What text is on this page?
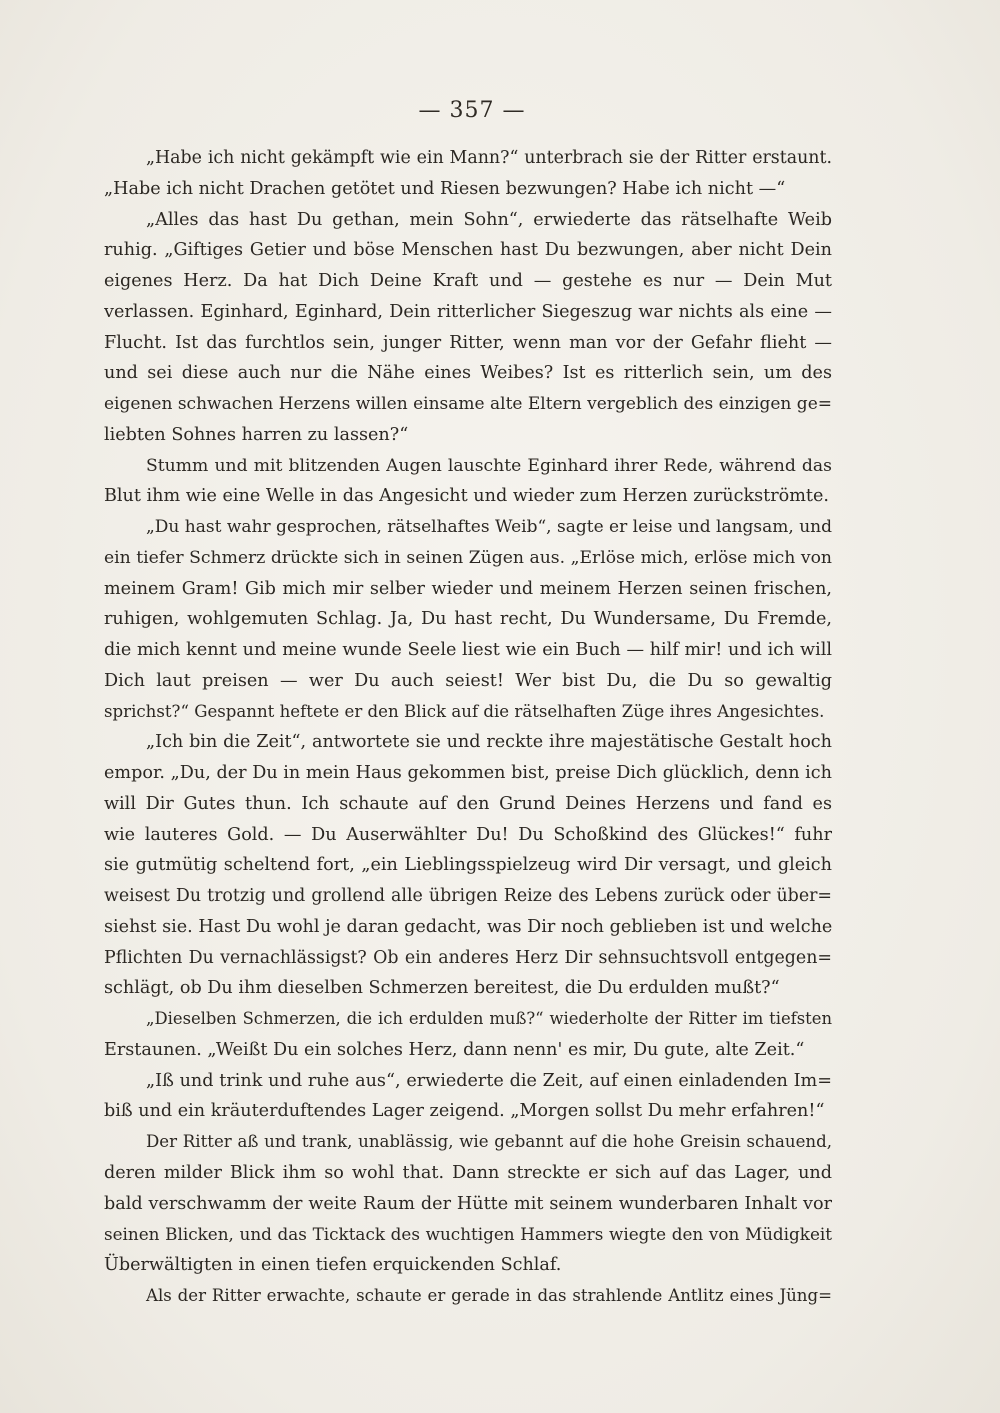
— 357 —
„Habe ich nicht gekämpft wie ein Mann?“ unterbrach sie der Ritter erstaunt.
„Habe ich nicht Drachen getötet und Riesen bezwungen? Habe ich nicht —“
„Alles das hast Du gethan, mein Sohn“, erwiederte das rätselhafte Weib
ruhig. „Giftiges Getier und böse Menschen hast Du bezwungen, aber nicht Dein
eigenes Herz. Da hat Dich Deine Kraft und — gestehe es nur — Dein Mut
verlassen. Eginhard, Eginhard, Dein ritterlicher Siegeszug war nichts als eine —
Flucht. Ist das furchtlos sein, junger Ritter, wenn man vor der Gefahr flieht —
und sei diese auch nur die Nähe eines Weibes? Ist es ritterlich sein, um des
eigenen schwachen Herzens willen einsame alte Eltern vergeblich des einzigen ge=
liebten Sohnes harren zu lassen?“
Stumm und mit blitzenden Augen lauschte Eginhard ihrer Rede, während das
Blut ihm wie eine Welle in das Angesicht und wieder zum Herzen zurückströmte.
„Du hast wahr gesprochen, rätselhaftes Weib“, sagte er leise und langsam, und
ein tiefer Schmerz drückte sich in seinen Zügen aus. „Erlöse mich, erlöse mich von
meinem Gram! Gib mich mir selber wieder und meinem Herzen seinen frischen,
ruhigen, wohlgemuten Schlag. Ja, Du hast recht, Du Wundersame, Du Fremde,
die mich kennt und meine wunde Seele liest wie ein Buch — hilf mir! und ich will
Dich laut preisen — wer Du auch seiest! Wer bist Du, die Du so gewaltig
sprichst?“ Gespannt heftete er den Blick auf die rätselhaften Züge ihres Angesichtes.
„Ich bin die Zeit“, antwortete sie und reckte ihre majestätische Gestalt hoch
empor. „Du, der Du in mein Haus gekommen bist, preise Dich glücklich, denn ich
will Dir Gutes thun. Ich schaute auf den Grund Deines Herzens und fand es
wie lauteres Gold. — Du Auserwählter Du! Du Schoßkind des Glückes!“ fuhr
sie gutmütig scheltend fort, „ein Lieblingsspielzeug wird Dir versagt, und gleich
weisest Du trotzig und grollend alle übrigen Reize des Lebens zurück oder über=
siehst sie. Hast Du wohl je daran gedacht, was Dir noch geblieben ist und welche
Pflichten Du vernachlässigst? Ob ein anderes Herz Dir sehnsuchtsvoll entgegen=
schlägt, ob Du ihm dieselben Schmerzen bereitest, die Du erdulden mußt?“
„Dieselben Schmerzen, die ich erdulden muß?“ wiederholte der Ritter im tiefsten
Erstaunen. „Weißt Du ein solches Herz, dann nenn' es mir, Du gute, alte Zeit.“
„Iß und trink und ruhe aus“, erwiederte die Zeit, auf einen einladenden Im=
biß und ein kräuterduftendes Lager zeigend. „Morgen sollst Du mehr erfahren!“
Der Ritter aß und trank, unablässig, wie gebannt auf die hohe Greisin schauend,
deren milder Blick ihm so wohl that. Dann streckte er sich auf das Lager, und
bald verschwamm der weite Raum der Hütte mit seinem wunderbaren Inhalt vor
seinen Blicken, und das Ticktack des wuchtigen Hammers wiegte den von Müdigkeit
Überwältigten in einen tiefen erquickenden Schlaf.
Als der Ritter erwachte, schaute er gerade in das strahlende Antlitz eines Jüng=
